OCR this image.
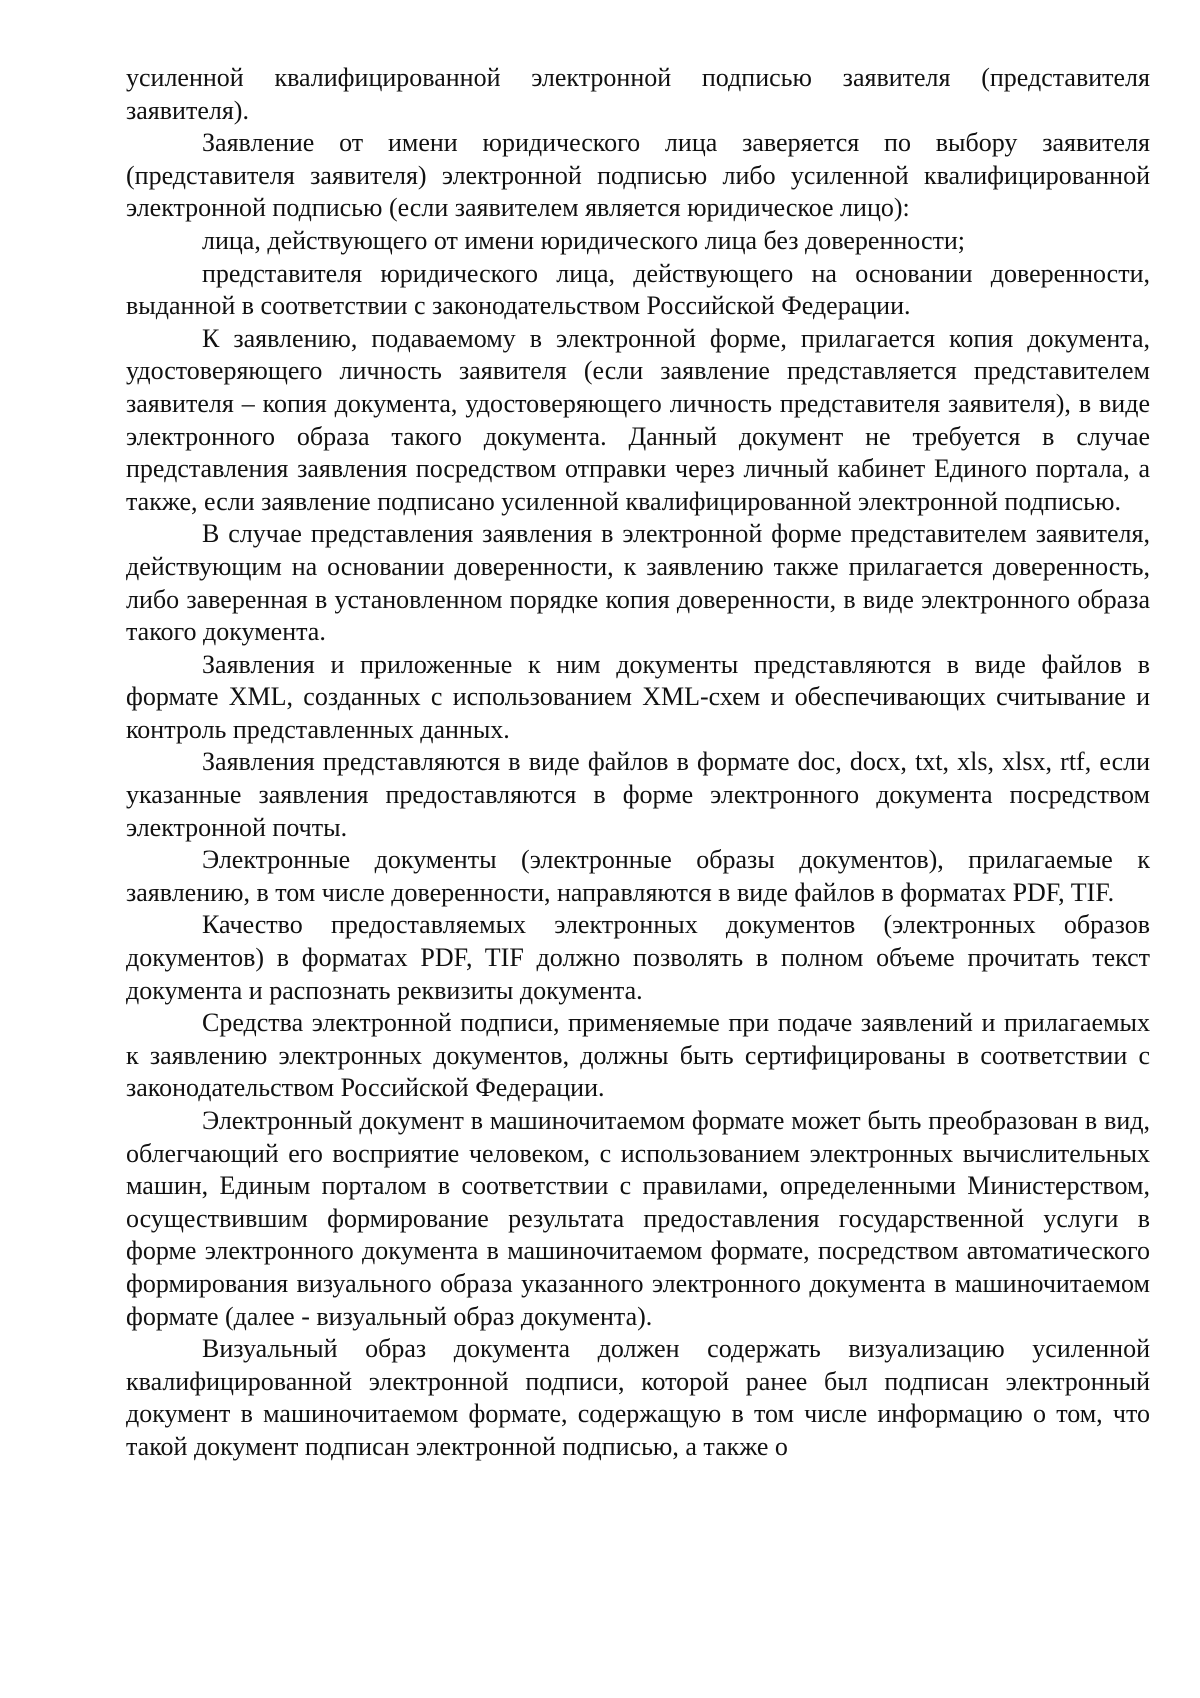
усиленной квалифицированной электронной подписью заявителя (представителя заявителя).

Заявление от имени юридического лица заверяется по выбору заявителя (представителя заявителя) электронной подписью либо усиленной квалифицированной электронной подписью (если заявителем является юридическое лицо):

лица, действующего от имени юридического лица без доверенности;

представителя юридического лица, действующего на основании доверенности, выданной в соответствии с законодательством Российской Федерации.

К заявлению, подаваемому в электронной форме, прилагается копия документа, удостоверяющего личность заявителя (если заявление представляется представителем заявителя – копия документа, удостоверяющего личность представителя заявителя), в виде электронного образа такого документа. Данный документ не требуется в случае представления заявления посредством отправки через личный кабинет Единого портала, а также, если заявление подписано усиленной квалифицированной электронной подписью.

В случае представления заявления в электронной форме представителем заявителя, действующим на основании доверенности, к заявлению также прилагается доверенность, либо заверенная в установленном порядке копия доверенности, в виде электронного образа такого документа.

Заявления и приложенные к ним документы представляются в виде файлов в формате XML, созданных с использованием XML-схем и обеспечивающих считывание и контроль представленных данных.

Заявления представляются в виде файлов в формате doc, docx, txt, xls, xlsx, rtf, если указанные заявления предоставляются в форме электронного документа посредством электронной почты.

Электронные документы (электронные образы документов), прилагаемые к заявлению, в том числе доверенности, направляются в виде файлов в форматах PDF, TIF.

Качество предоставляемых электронных документов (электронных образов документов) в форматах PDF, TIF должно позволять в полном объеме прочитать текст документа и распознать реквизиты документа.

Средства электронной подписи, применяемые при подаче заявлений и прилагаемых к заявлению электронных документов, должны быть сертифицированы в соответствии с законодательством Российской Федерации.

Электронный документ в машиночитаемом формате может быть преобразован в вид, облегчающий его восприятие человеком, с использованием электронных вычислительных машин, Единым порталом в соответствии с правилами, определенными Министерством, осуществившим формирование результата предоставления государственной услуги в форме электронного документа в машиночитаемом формате, посредством автоматического формирования визуального образа указанного электронного документа в машиночитаемом формате (далее - визуальный образ документа).

Визуальный образ документа должен содержать визуализацию усиленной квалифицированной электронной подписи, которой ранее был подписан электронный документ в машиночитаемом формате, содержащую в том числе информацию о том, что такой документ подписан электронной подписью, а также о
